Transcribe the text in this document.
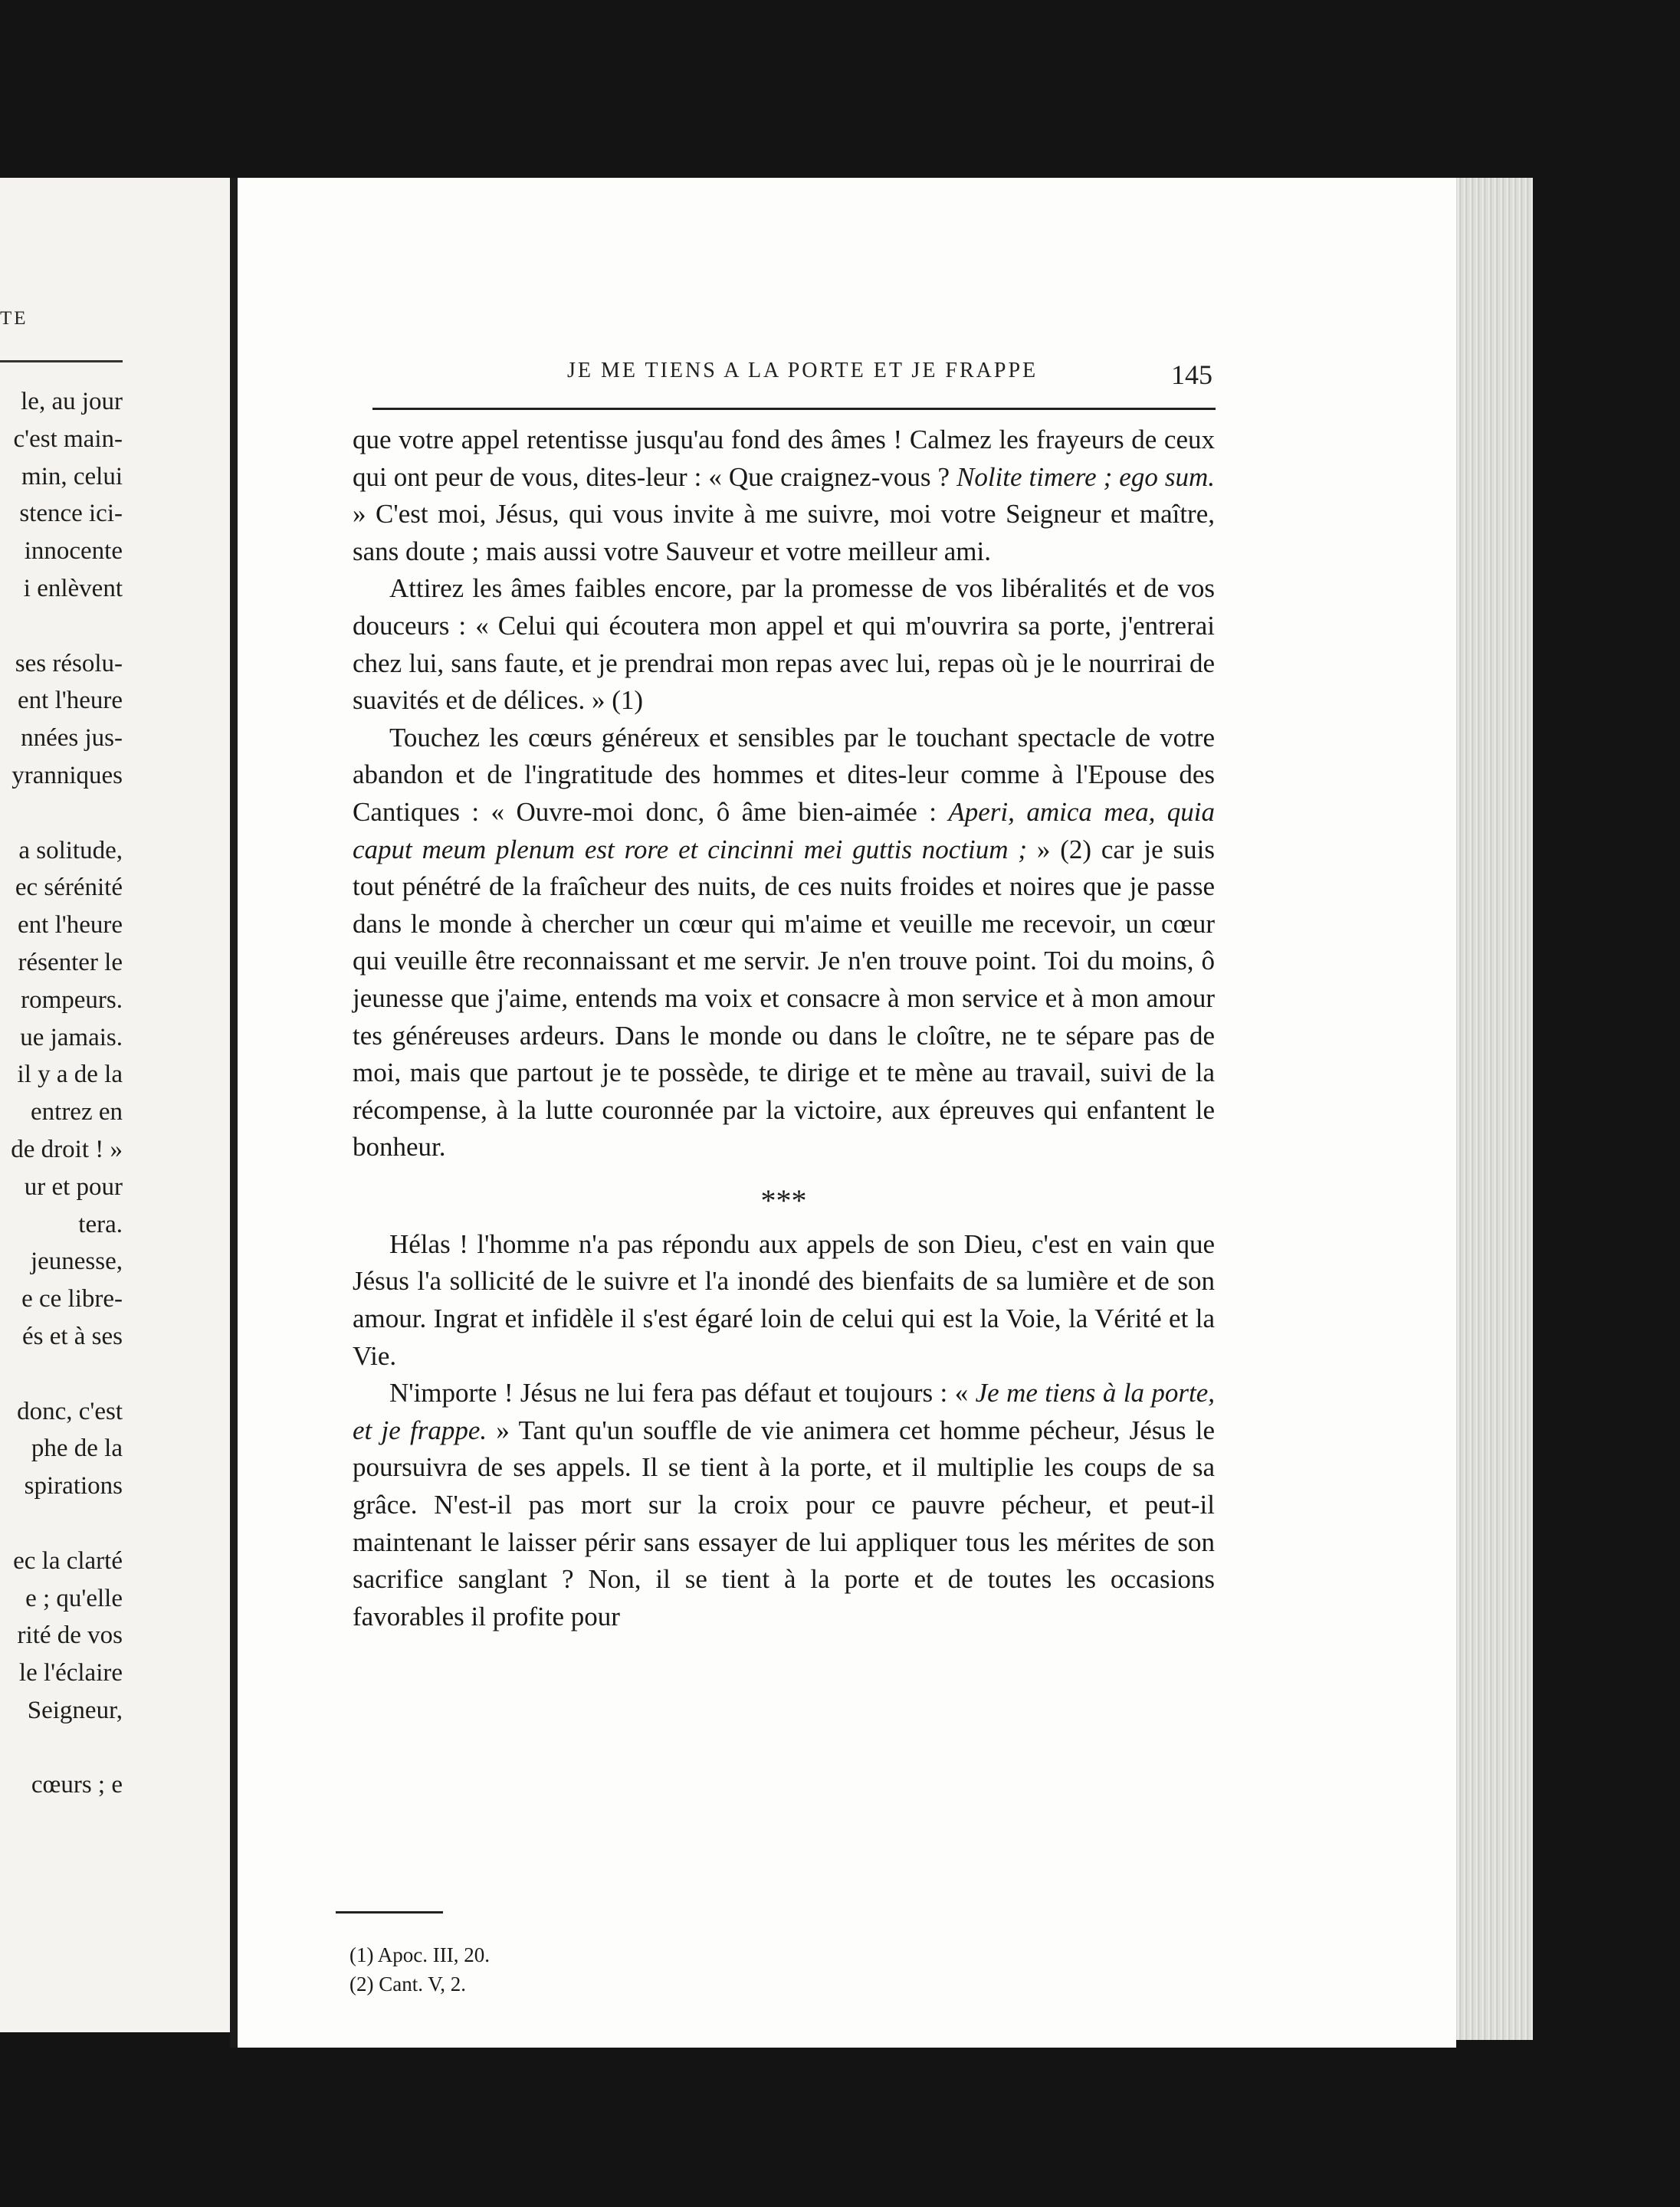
TE
le, au jour
c'est main-
min, celui
stence ici-
innocente
i enlèvent
ses résolu-
ent l'heure
nnées jus-
yranniques
a solitude,
ec sérénité
ent l'heure
résenter le
rompeurs.
ue jamais.
il y a de la
entrez en
de droit ! »
ur et pour
tera.
jeunesse,
e ce libre-
és et à ses
donc, c'est
phe de la
spirations
ec la clarté
e ; qu'elle
rité de vos
le l'éclaire
Seigneur,
cœurs ; e
JE ME TIENS A LA PORTE ET JE FRAPPE	145

que votre appel retentisse jusqu'au fond des âmes ! Calmez les frayeurs de ceux qui ont peur de vous, dites-leur : « Que craignez-vous ? Nolite timere ; ego sum. » C'est moi, Jésus, qui vous invite à me suivre, moi votre Seigneur et maître, sans doute ; mais aussi votre Sauveur et votre meilleur ami.

Attirez les âmes faibles encore, par la promesse de vos libéralités et de vos douceurs : « Celui qui écoutera mon appel et qui m'ouvrira sa porte, j'entrerai chez lui, sans faute, et je prendrai mon repas avec lui, repas où je le nourrirai de suavités et de délices. » (1)

Touchez les cœurs généreux et sensibles par le touchant spectacle de votre abandon et de l'ingratitude des hommes et dites-leur comme à l'Epouse des Cantiques : « Ouvre-moi donc, ô âme bien-aimée : Aperi, amica mea, quia caput meum plenum est rore et cincinni mei guttis noctium ; » (2) car je suis tout pénétré de la fraîcheur des nuits, de ces nuits froides et noires que je passe dans le monde à chercher un cœur qui m'aime et veuille me recevoir, un cœur qui veuille être reconnaissant et me servir. Je n'en trouve point. Toi du moins, ô jeunesse que j'aime, entends ma voix et consacre à mon service et à mon amour tes généreuses ardeurs. Dans le monde ou dans le cloître, ne te sépare pas de moi, mais que partout je te possède, te dirige et te mène au travail, suivi de la récompense, à la lutte couronnée par la victoire, aux épreuves qui enfantent le bonheur.

***

Hélas ! l'homme n'a pas répondu aux appels de son Dieu, c'est en vain que Jésus l'a sollicité de le suivre et l'a inondé des bienfaits de sa lumière et de son amour. Ingrat et infidèle il s'est égaré loin de celui qui est la Voie, la Vérité et la Vie.

N'importe ! Jésus ne lui fera pas défaut et toujours : « Je me tiens à la porte, et je frappe. » Tant qu'un souffle de vie animera cet homme pécheur, Jésus le poursuivra de ses appels. Il se tient à la porte, et il multiplie les coups de sa grâce. N'est-il pas mort sur la croix pour ce pauvre pécheur, et peut-il maintenant le laisser périr sans essayer de lui appliquer tous les mérites de son sacrifice sanglant ? Non, il se tient à la porte et de toutes les occasions favorables il profite pour

(1) Apoc. III, 20.
(2) Cant. V, 2.
